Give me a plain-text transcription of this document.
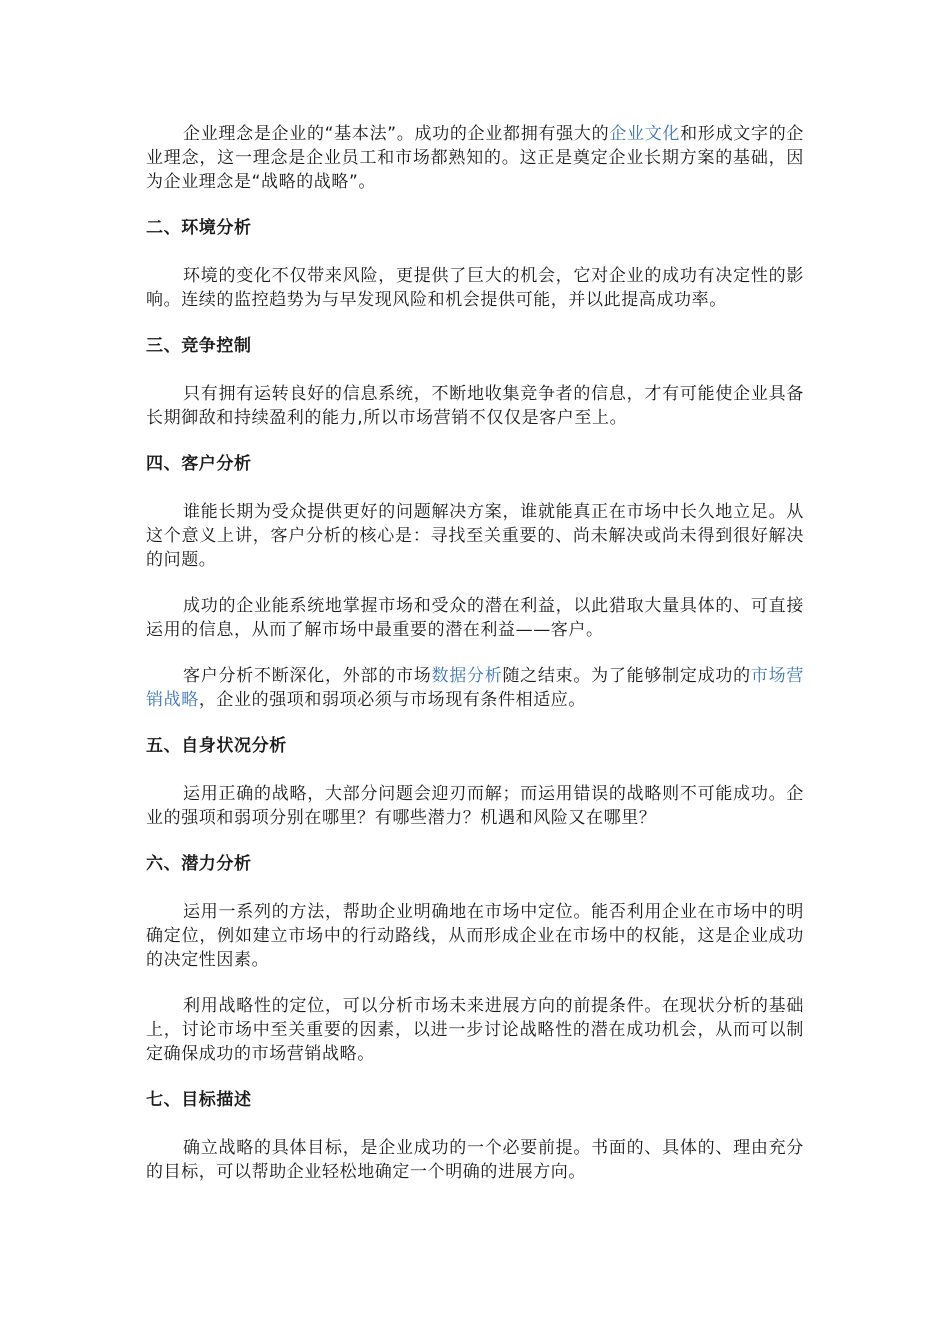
企业理念是企业的“基本法”。成功的企业都拥有强大的企业文化和形成文字的企业理念，这一理念是企业员工和市场都熟知的。这正是奠定企业长期方案的基础，因为企业理念是“战略的战略”。

二、环境分析

环境的变化不仅带来风险，更提供了巨大的机会，它对企业的成功有决定性的影响。连续的监控趋势为与早发现风险和机会提供可能，并以此提高成功率。

三、竞争控制

只有拥有运转良好的信息系统，不断地收集竞争者的信息，才有可能使企业具备长期御敌和持续盈利的能力,所以市场营销不仅仅是客户至上。

四、客户分析

谁能长期为受众提供更好的问题解决方案，谁就能真正在市场中长久地立足。从这个意义上讲，客户分析的核心是：寻找至关重要的、尚未解决或尚未得到很好解决的问题。

成功的企业能系统地掌握市场和受众的潜在利益，以此猎取大量具体的、可直接运用的信息，从而了解市场中最重要的潜在利益——客户。

客户分析不断深化，外部的市场数据分析随之结束。为了能够制定成功的市场营销战略，企业的强项和弱项必须与市场现有条件相适应。

五、自身状况分析

运用正确的战略，大部分问题会迎刃而解；而运用错误的战略则不可能成功。企业的强项和弱项分别在哪里？有哪些潜力？机遇和风险又在哪里？

六、潜力分析

运用一系列的方法，帮助企业明确地在市场中定位。能否利用企业在市场中的明确定位，例如建立市场中的行动路线，从而形成企业在市场中的权能，这是企业成功的决定性因素。

利用战略性的定位，可以分析市场未来进展方向的前提条件。在现状分析的基础上，讨论市场中至关重要的因素，以进一步讨论战略性的潜在成功机会，从而可以制定确保成功的市场营销战略。

七、目标描述

确立战略的具体目标，是企业成功的一个必要前提。书面的、具体的、理由充分的目标，可以帮助企业轻松地确定一个明确的进展方向。
